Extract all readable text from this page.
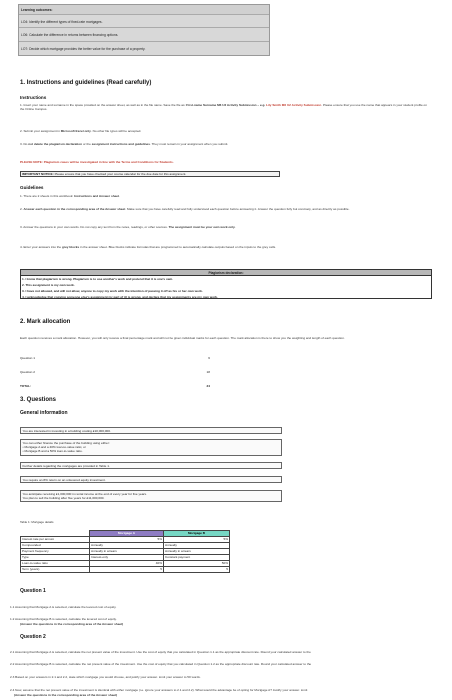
Learning outcomes:
LO4: Identify the different types of fixed-rate mortgages.
LO6: Calculate the difference in returns between financing options.
LO7: Decide which mortgage provides the better value for the purchase of a property.
1. Instructions and guidelines (Read carefully)
Instructions
1. Insert your name and surname in the space provided on the answer sheet, as well as in the file name. Save the file as: First-name Surname M6 U2 Activity Submission – e.g. Lily Smith M6 U2 Activity Submission. Please ensure that you use the name that appears in your student profile on the Online Campus.
2. Submit your assignment in Microsoft Excel only. No other file types will be accepted.
3. Do not delete the plagiarism declaration or the assignment instructions and guidelines. They must remain in your assignment when you submit.
PLEASE NOTE: Plagiarism cases will be investigated in line with the Terms and Conditions for Students.
IMPORTANT NOTICE: Please ensure that you have checked your course calendar for the due date for this assignment.
Guidelines
1. There are 2 sheets in this workbook: Instructions and Answer sheet.
2. Answer each question in the corresponding area of the Answer sheet. Make sure that you have carefully read and fully understood each question before answering it. Answer the question fully but concisely, and as directly as possible.
3. Answer the questions in your own words. Do not copy any text from the notes, readings, or other sources. The assignment must be your own work only.
4. Enter your answers into the grey blocks in the answer sheet. Blue blocks indicate formulas that are programmed to automatically calculate outputs based on the inputs to the grey cells.
Plagiarism declaration:
1. I know that plagiarism is wrong. Plagiarism is to use another's work and pretend that it is one's own.
2. This assignment is my own work.
3. I have not allowed, and will not allow, anyone to copy my work with the intention of passing it off as his or her own work.
4. I acknowledge that copying someone else's assignment (or part of it) is wrong, and declare that my assignments are my own work.
2. Mark allocation
Each question receives a mark allocation. However, you will only receive a final percentage mark and will not be given individual marks for each question. The mark allocation is there to show you the weighting and length of each question.
Question 1	6
Question 2	18
TOTAL:	24
3. Questions
General information
You are interested in investing in a building costing £10,000,000.
You can either finance the purchase of the building using either:
• Mortgage A and a 40% loan-to-value ratio; or
• Mortgage B and a 50% loan-to-value ratio.
Further details regarding the mortgages are provided in Table 1.
You require an 8% return on an unlevered equity investment.
You anticipate receiving £1,000,000 in rental income at the end of every year for five years.
You plan to sell the building after five years for £11,000,000.
Table 1: Mortgage details
	Mortgage A	Mortgage B
Interest rate per annum	5%	5%
Compounded	Annually	Annually
Payment frequency	Annually in arrears	Annually in arrears
Type	Interest-only	Constant payment
Loan-to-value ratio	40%	50%
Term (years)	5	5
Question 1
1.1 Assuming that Mortgage A is selected, calculate the levered cost of equity.
1.2 Assuming that Mortgage B is selected, calculate the levered cost of equity.
(Answer the questions in the corresponding area of the Answer sheet)
Question 2
2.1 Assuming that Mortgage A is selected, calculate the net present value of the investment. Use the cost of equity that you calculated in Question 1.1 as the appropriate discount rate. Round your calculated answer to the
2.2 Assuming that Mortgage B is selected, calculate the net present value of the investment. Use the cost of equity that you calculated in Question 1.2 as the appropriate discount rate. Round your calculated answer to the
2.3 Based on your answers in 2.1 and 2.2, state which mortgage you would choose, and justify your answer. Limit your answer to 50 words.
2.4 Now, assume that the net present value of the investment is identical with either mortgage (i.e. ignore your answers to 2.1 and 2.2). What would the advantage be of opting for Mortgage A? Justify your answer. Limit
(Answer the questions in the corresponding area of the Answer sheet)
